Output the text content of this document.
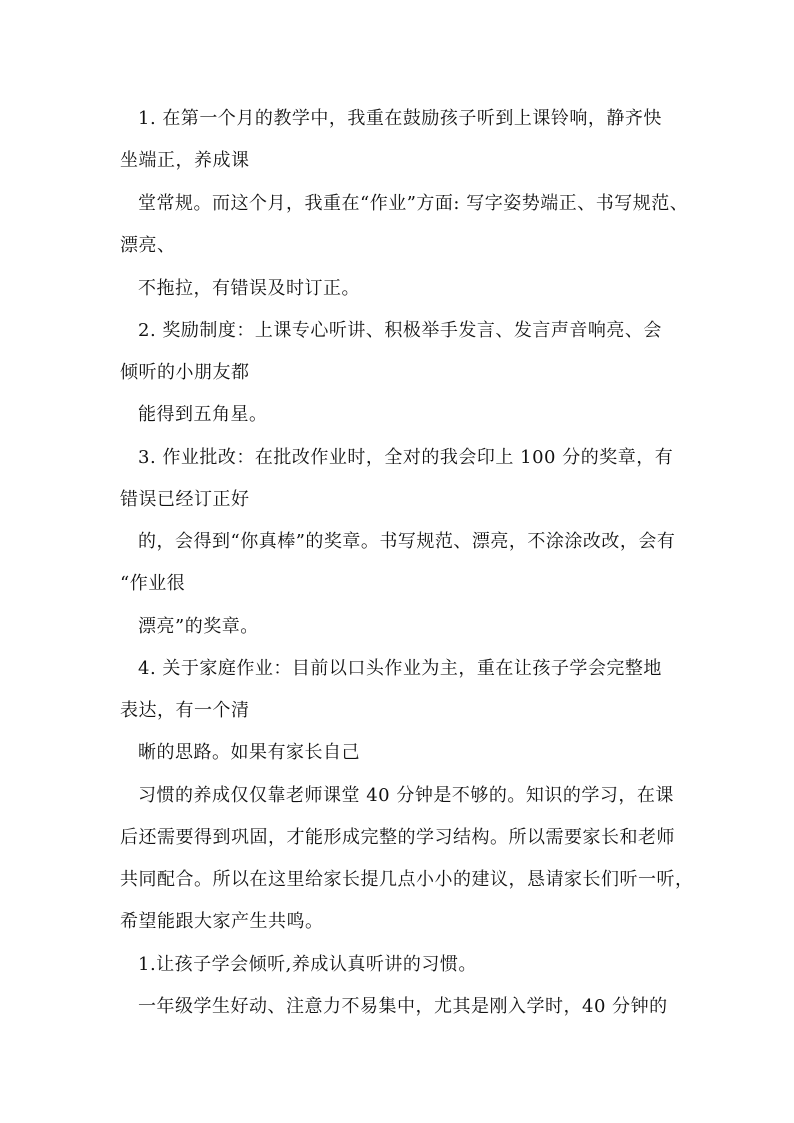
1. 在第一个月的教学中，我重在鼓励孩子听到上课铃响，静齐快
坐端正，养成课
堂常规。而这个月，我重在“作业”方面: 写字姿势端正、书写规范、
漂亮、
不拖拉，有错误及时订正。
2. 奖励制度：上课专心听讲、积极举手发言、发言声音响亮、会
倾听的小朋友都
能得到五角星。
3. 作业批改：在批改作业时，全对的我会印上 100 分的奖章，有
错误已经订正好
的，会得到“你真棒”的奖章。书写规范、漂亮，不涂涂改改，会有
“作业很
漂亮”的奖章。
4. 关于家庭作业：目前以口头作业为主，重在让孩子学会完整地
表达，有一个清
晰的思路。如果有家长自己
习惯的养成仅仅靠老师课堂 40 分钟是不够的。知识的学习，在课
后还需要得到巩固，才能形成完整的学习结构。所以需要家长和老师
共同配合。所以在这里给家长提几点小小的建议，恳请家长们听一听，
希望能跟大家产生共鸣。
1.让孩子学会倾听,养成认真听讲的习惯。
一年级学生好动、注意力不易集中，尤其是刚入学时，40 分钟的
